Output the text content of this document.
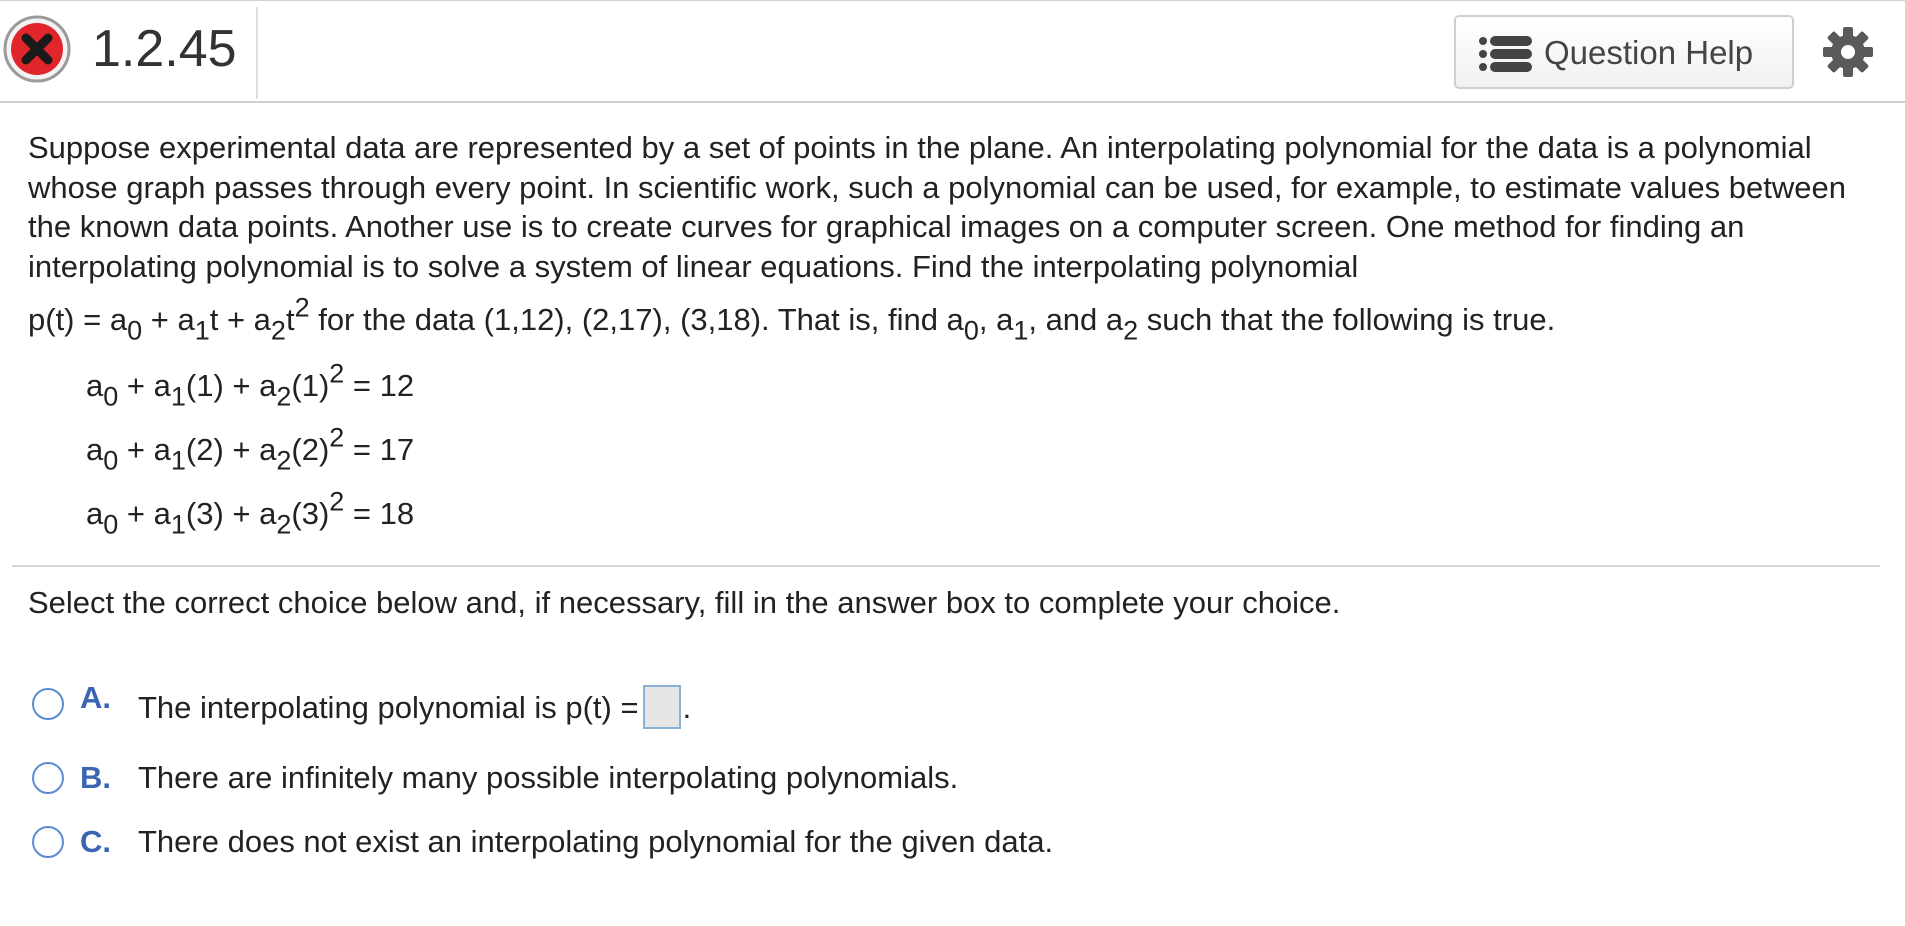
1.2.45	Question Help
Suppose experimental data are represented by a set of points in the plane. An interpolating polynomial for the data is a polynomial whose graph passes through every point. In scientific work, such a polynomial can be used, for example, to estimate values between the known data points. Another use is to create curves for graphical images on a computer screen. One method for finding an interpolating polynomial is to solve a system of linear equations. Find the interpolating polynomial
$p(t) = a_0 + a_1t + a_2t^2$ for the data (1,12), (2,17), (3,18). That is, find $a_0$, $a_1$, and $a_2$ such that the following is true.
$a_0 + a_1(1) + a_2(1)^2 = 12$
$a_0 + a_1(2) + a_2(2)^2 = 17$
$a_0 + a_1(3) + a_2(3)^2 = 18$
Select the correct choice below and, if necessary, fill in the answer box to complete your choice.
A. The interpolating polynomial is p(t) = .
B. There are infinitely many possible interpolating polynomials.
C. There does not exist an interpolating polynomial for the given data.
